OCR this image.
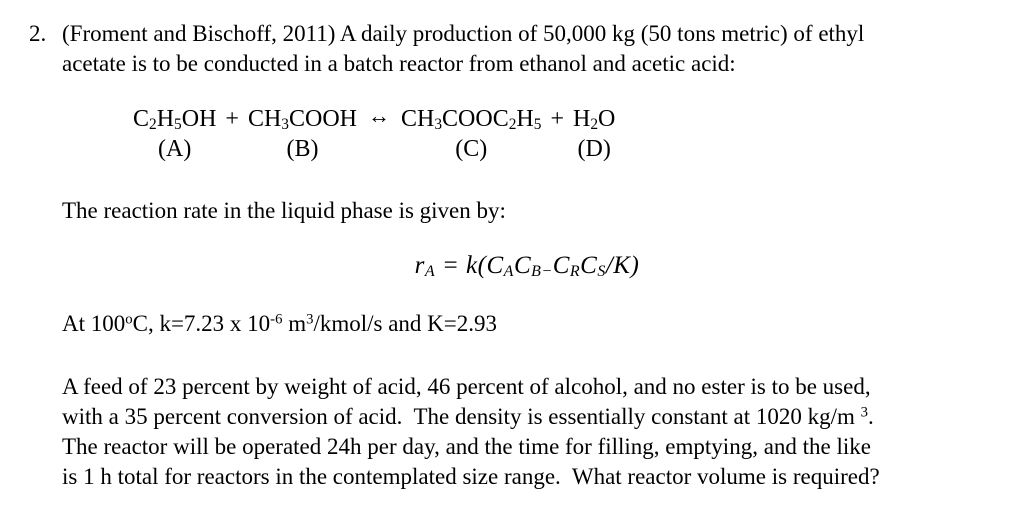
2. (Froment and Bischoff, 2011) A daily production of 50,000 kg (50 tons metric) of ethyl
acetate is to be conducted in a batch reactor from ethanol and acetic acid:
$C_2H_5OH$
(A)
+ $CH_3COOH$
(B)
↔ $CH_3COOC_2H_5$
(C)
+ $H_2O$
(D)
The reaction rate in the liquid phase is given by:
$r_A = k(C_AC_{B-}C_RC_S/K)$
At 100$^o$C, k=7.23 x $10^{-6}$ $m^3/kmol/s$ and K=2.93
A feed of 23 percent by weight of acid, 46 percent of alcohol, and no ester is to be used,
with a 35 percent conversion of acid.  The density is essentially constant at 1020 kg/m $^3$.
The reactor will be operated 24h per day, and the time for filling, emptying, and the like
is 1 h total for reactors in the contemplated size range.  What reactor volume is required?
